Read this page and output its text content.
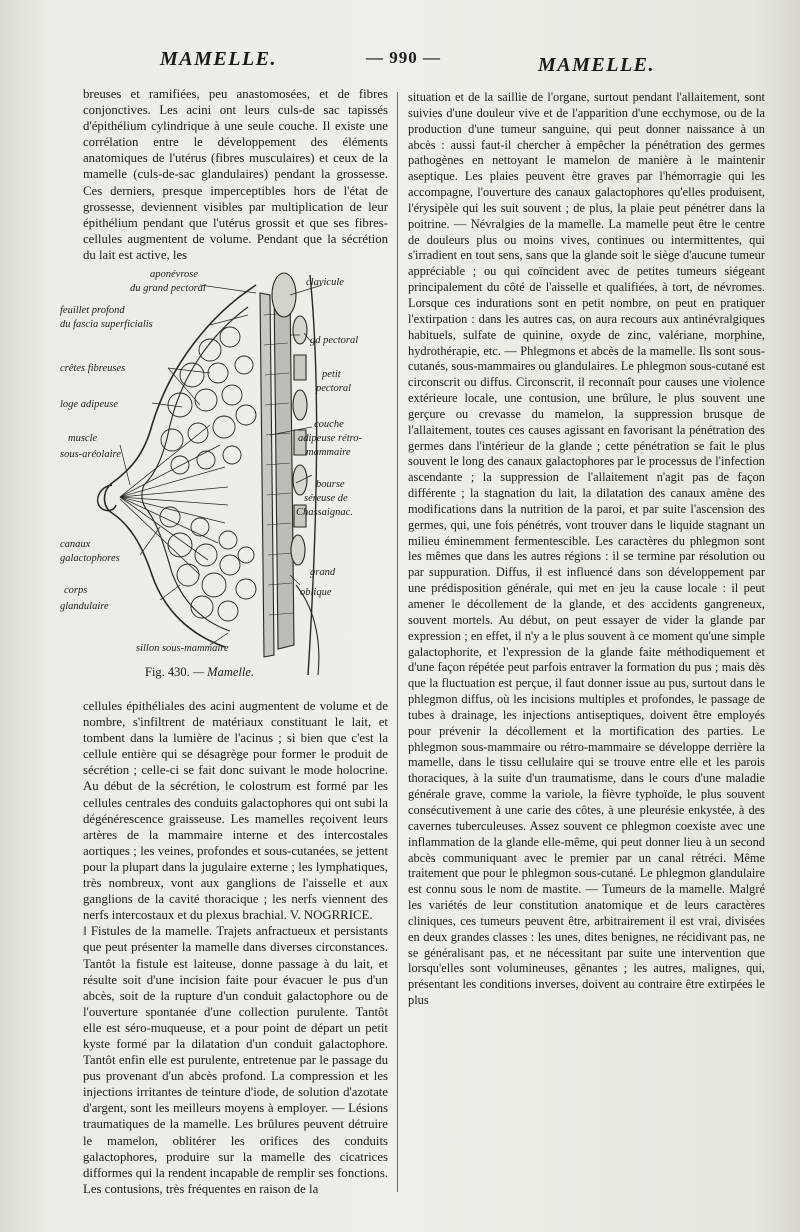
MAMELLE.	— 990 —	MAMELLE.

breuses et ramifiées, peu anastomosées, et de fibres conjonctives. Les acini ont leurs culs-de sac tapissés d'épithélium cylindrique à une seule couche. Il existe une corrélation entre le développement des éléments anatomiques de l'utérus (fibres musculaires) et ceux de la mamelle (culs-de-sac glandulaires) pendant la grossesse. Ces derniers, presque imperceptibles hors de l'état de grossesse, deviennent visibles par multiplication de leur épithélium pendant que l'utérus grossit et que ses fibres-cellules augmentent de volume. Pendant que la sécrétion du lait est active, les

aponévrose
du grand pectoral
clavicule
feuillet profond
du fascia superficialis
gd pectoral
crêtes fibreuses
petit
pectoral
loge adipeuse
couche
adipeuse rétro-
mammaire
muscle
sous-aréolaire
bourse
séreuse de
Chassaignac.
canaux
galactophores
grand
oblique
corps
glandulaire
sillon sous-mammaire
Fig. 430. — Mamelle.

cellules épithéliales des acini augmentent de volume et de nombre, s'infiltrent de matériaux constituant le lait, et tombent dans la lumière de l'acinus ; si bien que c'est la cellule entière qui se désagrège pour former le produit de sécrétion ; celle-ci se fait donc suivant le mode holocrine. Au début de la sécrétion, le colostrum est formé par les cellules centrales des conduits galactophores qui ont subi la dégénérescence graisseuse. Les mamelles reçoivent leurs artères de la mammaire interne et des intercostales aortiques ; les veines, profondes et sous-cutanées, se jettent pour la plupart dans la jugulaire externe ; les lymphatiques, très nombreux, vont aux ganglions de l'aisselle et aux ganglions de la cavité thoracique ; les nerfs viennent des nerfs intercostaux et du plexus brachial. V. NOGRRICE.

‖ Fistules de la mamelle. Trajets anfractueux et persistants que peut présenter la mamelle dans diverses circonstances. Tantôt la fistule est laiteuse, donne passage à du lait, et résulte soit d'une incision faite pour évacuer le pus d'un abcès, soit de la rupture d'un conduit galactophore ou de l'ouverture spontanée d'une collection purulente. Tantôt elle est séro-muqueuse, et a pour point de départ un petit kyste formé par la dilatation d'un conduit galactophore. Tantôt enfin elle est purulente, entretenue par le passage du pus provenant d'un abcès profond. La compression et les injections irritantes de teinture d'iode, de solution d'azotate d'argent, sont les meilleurs moyens à employer. — Lésions traumatiques de la mamelle. Les brûlures peuvent détruire le mamelon, oblitérer les orifices des conduits galactophores, produire sur la mamelle des cicatrices difformes qui la rendent incapable de remplir ses fonctions. Les contusions, très fréquentes en raison de la

situation et de la saillie de l'organe, surtout pendant l'allaitement, sont suivies d'une douleur vive et de l'apparition d'une ecchymose, ou de la production d'une tumeur sanguine, qui peut donner naissance à un abcès : aussi faut-il chercher à empêcher la pénétration des germes pathogènes en nettoyant le mamelon de manière à le maintenir aseptique. Les plaies peuvent être graves par l'hémorragie qui les accompagne, l'ouverture des canaux galactophores qu'elles produisent, l'érysipèle qui les suit souvent ; de plus, la plaie peut pénétrer dans la poitrine. — Névralgies de la mamelle. La mamelle peut être le centre de douleurs plus ou moins vives, continues ou intermittentes, qui s'irradient en tout sens, sans que la glande soit le siège d'aucune tumeur appréciable ; ou qui coïncident avec de petites tumeurs siégeant principalement du côté de l'aisselle et qualifiées, à tort, de névromes. Lorsque ces indurations sont en petit nombre, on peut en pratiquer l'extirpation : dans les autres cas, on aura recours aux antinévralgiques habituels, sulfate de quinine, oxyde de zinc, valériane, morphine, hydrothérapie, etc. — Phlegmons et abcès de la mamelle. Ils sont sous-cutanés, sous-mammaires ou glandulaires. Le phlegmon sous-cutané est circonscrit ou diffus. Circonscrit, il reconnaît pour causes une violence extérieure locale, une contusion, une brûlure, le plus souvent une gerçure ou crevasse du mamelon, la suppression brusque de l'allaitement, toutes ces causes agissant en favorisant la pénétration des germes dans l'intérieur de la glande ; cette pénétration se fait le plus souvent le long des canaux galactophores par le processus de l'infection ascendante ; la suppression de l'allaitement n'agit pas de façon différente ; la stagnation du lait, la dilatation des canaux amène des modifications dans la nutrition de la paroi, et par suite l'ascension des germes, qui, une fois pénétrés, vont trouver dans le liquide stagnant un milieu éminemment fermentescible. Les caractères du phlegmon sont les mêmes que dans les autres régions : il se termine par résolution ou par suppuration. Diffus, il est influencé dans son développement par une prédisposition générale, qui met en jeu la cause locale : il peut amener le décollement de la glande, et des accidents gangreneux, souvent mortels. Au début, on peut essayer de vider la glande par expression ; en effet, il n'y a le plus souvent à ce moment qu'une simple galactophorite, et l'expression de la glande faite méthodiquement et d'une façon répétée peut parfois entraver la formation du pus ; mais dès que la fluctuation est perçue, il faut donner issue au pus, surtout dans le phlegmon diffus, où les incisions multiples et profondes, le passage de tubes à drainage, les injections antiseptiques, doivent être employés pour prévenir la décollement et la mortification des parties. Le phlegmon sous-mammaire ou rétro-mammaire se développe derrière la mamelle, dans le tissu cellulaire qui se trouve entre elle et les parois thoraciques, à la suite d'un traumatisme, dans le cours d'une maladie générale grave, comme la variole, la fièvre typhoïde, le plus souvent consécutivement à une carie des côtes, à une pleurésie enkystée, à des cavernes tuberculeuses. Assez souvent ce phlegmon coexiste avec une inflammation de la glande elle-même, qui peut donner lieu à un second abcès communiquant avec le premier par un canal rétréci. Même traitement que pour le phlegmon sous-cutané. Le phlegmon glandulaire est connu sous le nom de mastite. — Tumeurs de la mamelle. Malgré les variétés de leur constitution anatomique et de leurs caractères cliniques, ces tumeurs peuvent être, arbitrairement il est vrai, divisées en deux grandes classes : les unes, dites benignes, ne récidivant pas, ne se généralisant pas, et ne nécessitant par suite une intervention que lorsqu'elles sont volumineuses, gênantes ; les autres, malignes, qui, présentant les conditions inverses, doivent au contraire être extirpées le plus
